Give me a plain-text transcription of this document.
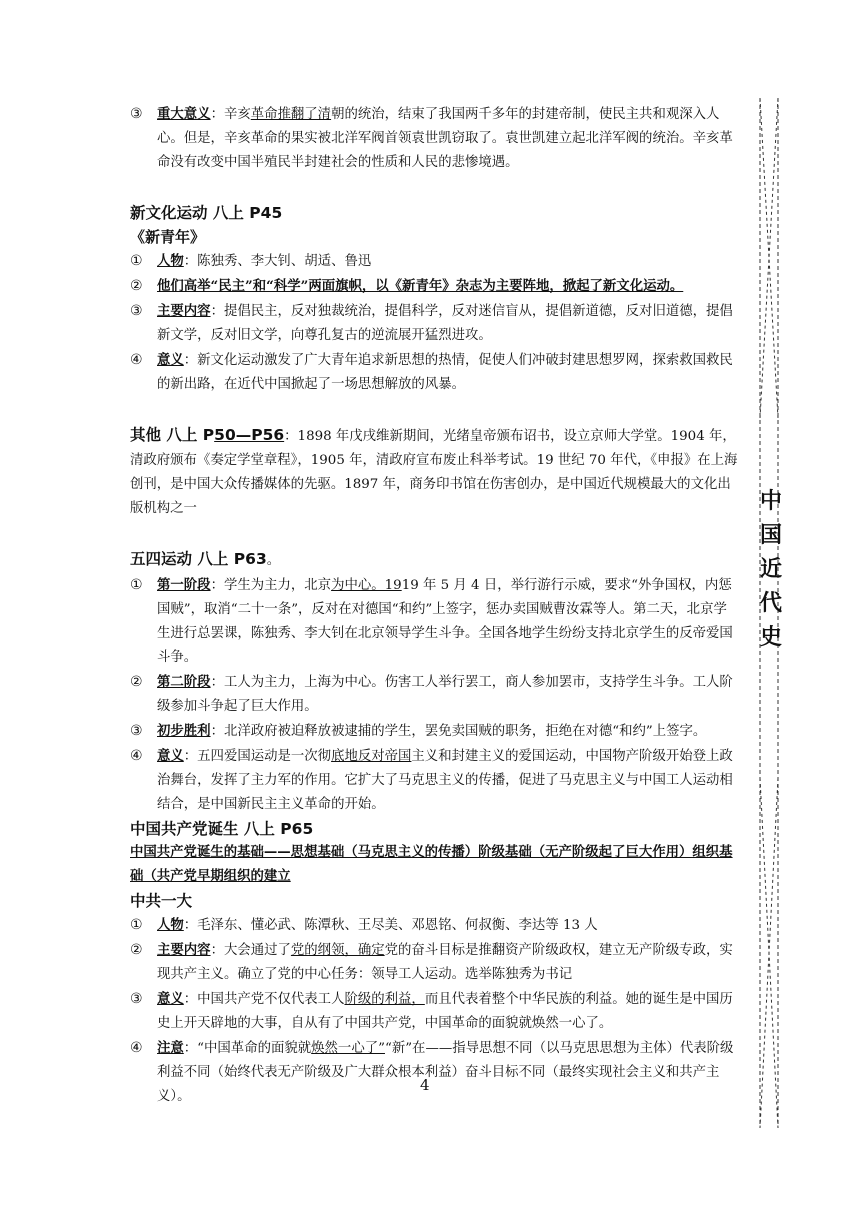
③	重大意义：辛亥革命推翻了清朝的统治，结束了我国两千多年的封建帝制，使民主共和观深入人心。但是，辛亥革命的果实被北洋军阀首领袁世凯窃取了。袁世凯建立起北洋军阀的统治。辛亥革命没有改变中国半殖民半封建社会的性质和人民的悲惨境遇。
新文化运动 八上 P45
《新青年》
①	人物：陈独秀、李大钊、胡适、鲁迅
②	他们高举“民主”和“科学”两面旗帜，以《新青年》杂志为主要阵地，掀起了新文化运动。
③	主要内容：提倡民主，反对独裁统治，提倡科学，反对迷信盲从，提倡新道德，反对旧道德，提倡新文学，反对旧文学，向尊孔复古的逆流展开猛烈进攻。
④	意义：新文化运动激发了广大青年追求新思想的热情，促使人们冲破封建思想罗网，探索救国救民的新出路，在近代中国掀起了一场思想解放的风暴。
其他 八上 P50—P56：1898 年戊戌维新期间，光绪皇帝颁布诏书，设立京师大学堂。1904 年，清政府颁布《奏定学堂章程》，1905 年，清政府宣布废止科举考试。19 世纪 70 年代，《申报》在上海创刊，是中国大众传播媒体的先驱。1897 年，商务印书馆在伤害创办，是中国近代规模最大的文化出版机构之一
五四运动 八上 P63。
①	第一阶段：学生为主力，北京为中心。1919 年 5 月 4 日，举行游行示威，要求“外争国权，内惩国贼”，取消“二十一条”，反对在对德国“和约”上签字，惩办卖国贼曹汝霖等人。第二天，北京学生进行总罢课，陈独秀、李大钊在北京领导学生斗争。全国各地学生纷纷支持北京学生的反帝爱国斗争。
②	第二阶段：工人为主力，上海为中心。伤害工人举行罢工，商人参加罢市，支持学生斗争。工人阶级参加斗争起了巨大作用。
③	初步胜利：北洋政府被迫释放被逮捕的学生，罢免卖国贼的职务，拒绝在对德“和约”上签字。
④	意义：五四爱国运动是一次彻底地反对帝国主义和封建主义的爱国运动，中国物产阶级开始登上政治舞台，发挥了主力军的作用。它扩大了马克思主义的传播，促进了马克思主义与中国工人运动相结合，是中国新民主主义革命的开始。
中国共产党诞生 八上 P65
中国共产党诞生的基础——思想基础（马克思主义的传播）阶级基础（无产阶级起了巨大作用）组织基础（共产党早期组织的建立
中共一大
①	人物：毛泽东、懂必武、陈潭秋、王尽美、邓恩铭、何叔衡、李达等 13 人
②	主要内容：大会通过了党的纲领，确定党的奋斗目标是推翻资产阶级政权，建立无产阶级专政，实现共产主义。确立了党的中心任务：领导工人运动。选举陈独秀为书记
③	意义：中国共产党不仅代表工人阶级的利益，而且代表着整个中华民族的利益。她的诞生是中国历史上开天辟地的大事，自从有了中国共产党，中国革命的面貌就焕然一心了。
④	注意：“中国革命的面貌就焕然一心了”“新”在——指导思想不同（以马克思思想为主体）代表阶级利益不同（始终代表无产阶级及广大群众根本利益）奋斗目标不同（最终实现社会主义和共产主义）。
4
中
国
近
代
史
